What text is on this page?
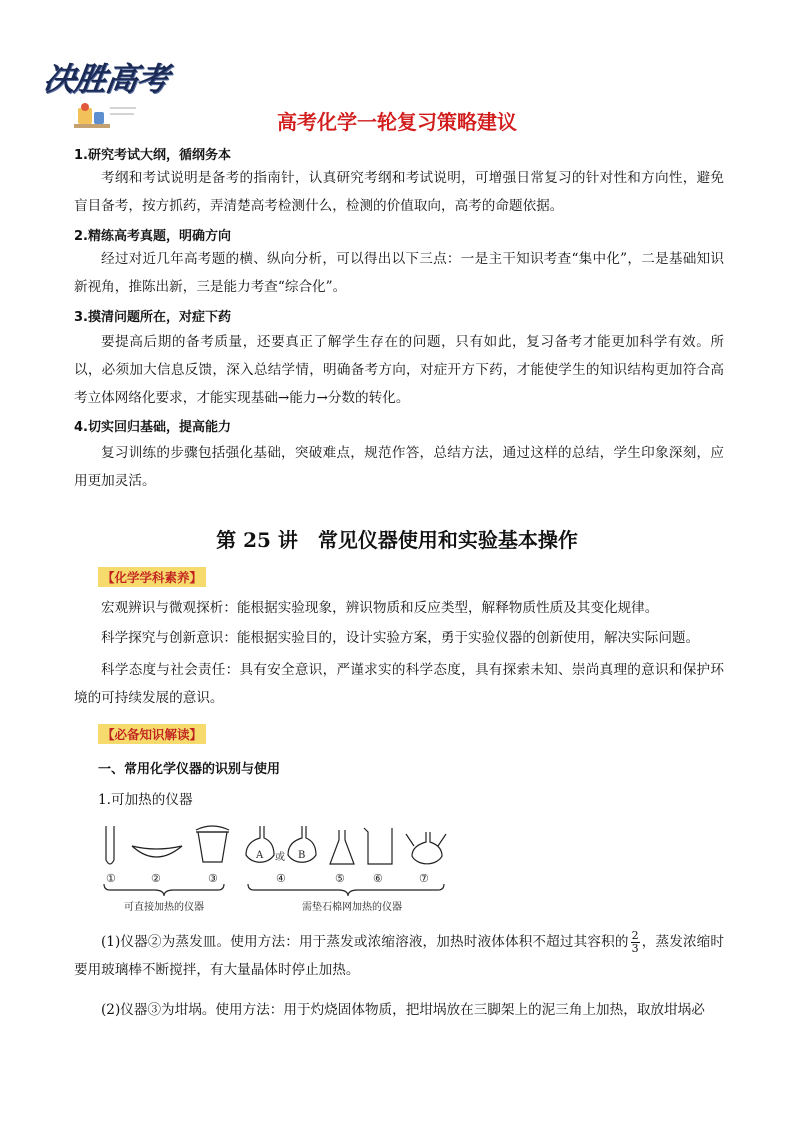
决胜高考
高考化学一轮复习策略建议
1.研究考试大纲，循纲务本
考纲和考试说明是备考的指南针，认真研究考纲和考试说明，可增强日常复习的针对性和方向性，避免盲目备考，按方抓药，弄清楚高考检测什么，检测的价值取向，高考的命题依据。
2.精练高考真题，明确方向
经过对近几年高考题的横、纵向分析，可以得出以下三点：一是主干知识考查“集中化”，二是基础知识新视角，推陈出新，三是能力考查“综合化”。
3.摸清问题所在，对症下药
要提高后期的备考质量，还要真正了解学生存在的问题，只有如此，复习备考才能更加科学有效。所以，必须加大信息反馈，深入总结学情，明确备考方向，对症开方下药，才能使学生的知识结构更加符合高考立体网络化要求，才能实现基础→能力→分数的转化。
4.切实回归基础，提高能力
复习训练的步骤包括强化基础，突破难点，规范作答，总结方法，通过这样的总结，学生印象深刻，应用更加灵活。
第 25 讲　常见仪器使用和实验基本操作
【化学学科素养】
宏观辨识与微观探析：能根据实验现象，辨识物质和反应类型，解释物质性质及其变化规律。
科学探究与创新意识：能根据实验目的，设计实验方案，勇于实验仪器的创新使用，解决实际问题。
科学态度与社会责任：具有安全意识，严谨求实的科学态度，具有探索未知、崇尚真理的意识和保护环境的可持续发展的意识。
【必备知识解读】
一、常用化学仪器的识别与使用
1.可加热的仪器
①	②	③	④	⑤	⑥	⑦
A 或 B
可直接加热的仪器	需垫石棉网加热的仪器
(1)仪器②为蒸发皿。使用方法：用于蒸发或浓缩溶液，加热时液体体积不超过其容积的 $\frac{2}{3}$ ，蒸发浓缩时要用玻璃棒不断搅拌，有大量晶体时停止加热。
(2)仪器③为坩埚。使用方法：用于灼烧固体物质，把坩埚放在三脚架上的泥三角上加热，取放坩埚必
